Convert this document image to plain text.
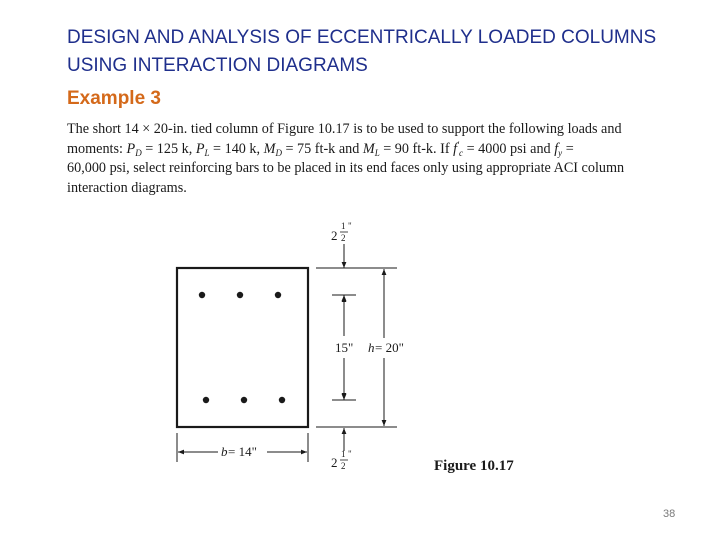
DESIGN AND ANALYSIS OF ECCENTRICALLY LOADED COLUMNS
USING INTERACTION DIAGRAMS
Example 3
The short 14 × 20-in. tied column of Figure 10.17 is to be used to support the following loads and
moments: $P_D = 125$ k, $P_L = 140$ k, $M_D = 75$ ft-k and $M_L = 90$ ft-k. If $f'_c = 4000$ psi and $f_y$ =
60,000 psi, select reinforcing bars to be placed in its end faces only using appropriate ACI column
interaction diagrams.
2
1
2
"
2
1
2
"
15" h = 20"
b = 14"
Figure 10.17
38
